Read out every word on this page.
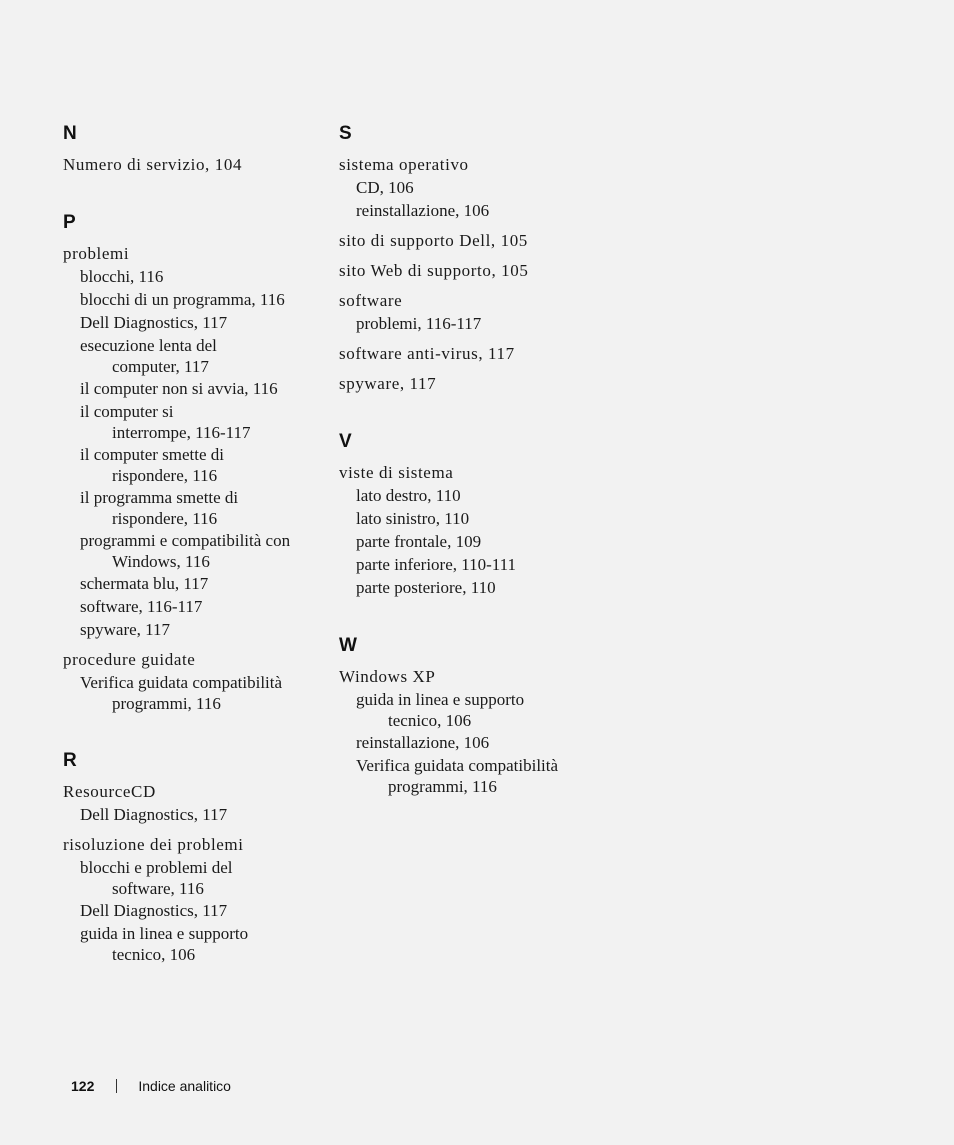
N
Numero di servizio, 104
P
problemi
blocchi, 116
blocchi di un programma, 116
Dell Diagnostics, 117
esecuzione lenta del
computer, 117
il computer non si avvia, 116
il computer si
interrompe, 116-117
il computer smette di
rispondere, 116
il programma smette di
rispondere, 116
programmi e compatibilità con
Windows, 116
schermata blu, 117
software, 116-117
spyware, 117
procedure guidate
Verifica guidata compatibilità
programmi, 116
R
ResourceCD
Dell Diagnostics, 117
risoluzione dei problemi
blocchi e problemi del
software, 116
Dell Diagnostics, 117
guida in linea e supporto
tecnico, 106
S
sistema operativo
CD, 106
reinstallazione, 106
sito di supporto Dell, 105
sito Web di supporto, 105
software
problemi, 116-117
software anti-virus, 117
spyware, 117
V
viste di sistema
lato destro, 110
lato sinistro, 110
parte frontale, 109
parte inferiore, 110-111
parte posteriore, 110
W
Windows XP
guida in linea e supporto
tecnico, 106
reinstallazione, 106
Verifica guidata compatibilità
programmi, 116
122	Indice analitico
